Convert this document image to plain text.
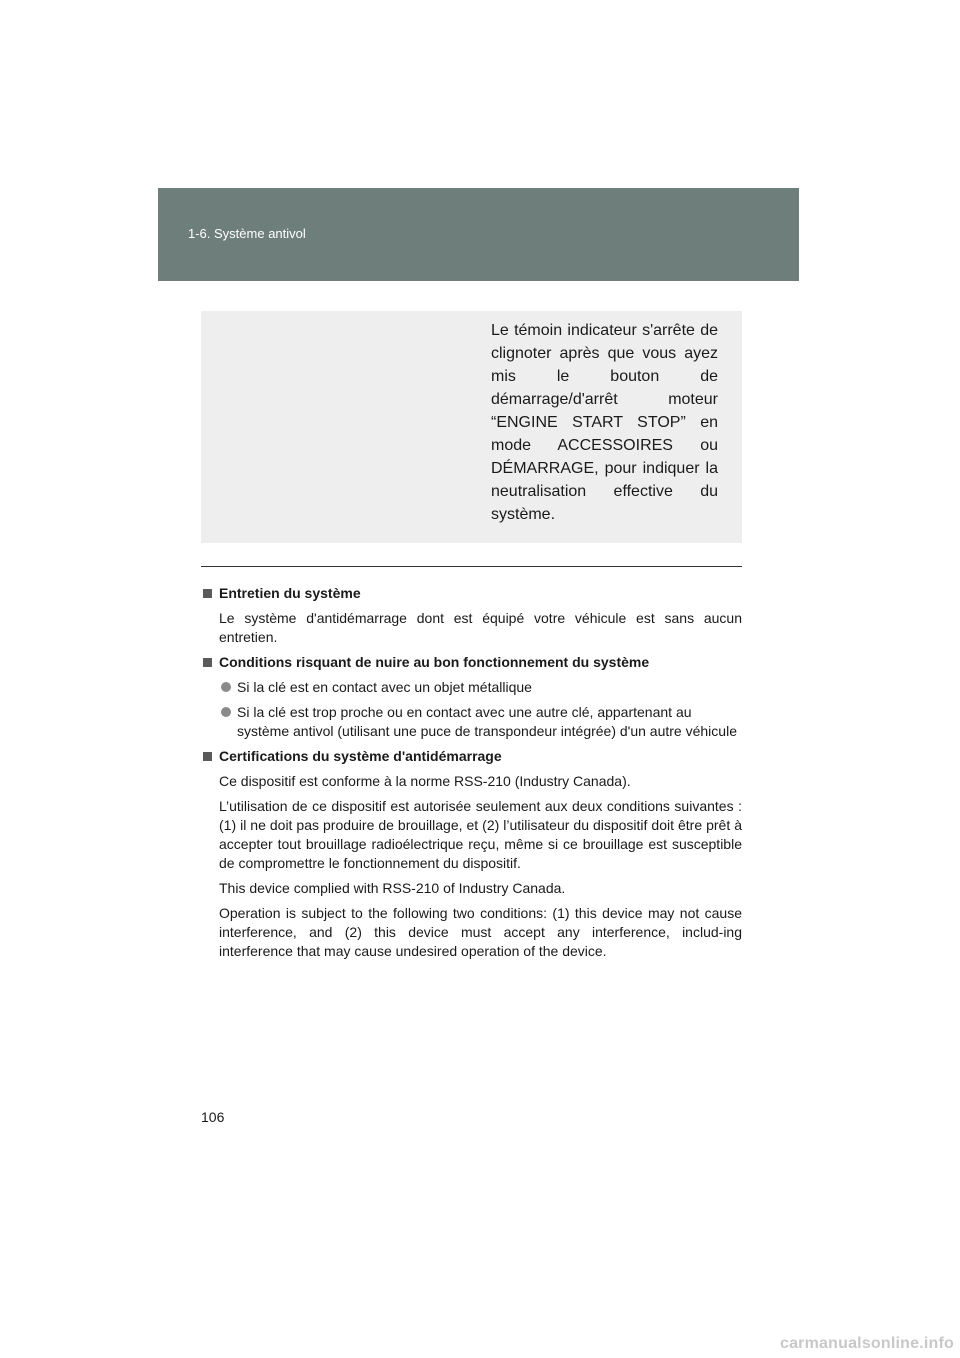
1-6. Système antivol
Le témoin indicateur s'arrête de clignoter après que vous ayez mis le bouton de démarrage/d'arrêt moteur “ENGINE START STOP” en mode ACCESSOIRES ou DÉMARRAGE, pour indiquer la neutralisation effective du système.
Entretien du système
Le système d'antidémarrage dont est équipé votre véhicule est sans aucun entretien.
Conditions risquant de nuire au bon fonctionnement du système
Si la clé est en contact avec un objet métallique
Si la clé est trop proche ou en contact avec une autre clé, appartenant au système antivol (utilisant une puce de transpondeur intégrée) d'un autre véhicule
Certifications du système d'antidémarrage
Ce dispositif est conforme à la norme RSS-210 (Industry Canada).
L’utilisation de ce dispositif est autorisée seulement aux deux conditions suivantes : (1) il ne doit pas produire de brouillage, et (2) l’utilisateur du dispositif doit être prêt à accepter tout brouillage radioélectrique reçu, même si ce brouillage est susceptible de compromettre le fonctionnement du dispositif.
This device complied with RSS-210 of Industry Canada.
Operation is subject to the following two conditions: (1) this device may not cause interference, and (2) this device must accept any interference, includ-ing interference that may cause undesired operation of the device.
106
carmanualsonline.info
